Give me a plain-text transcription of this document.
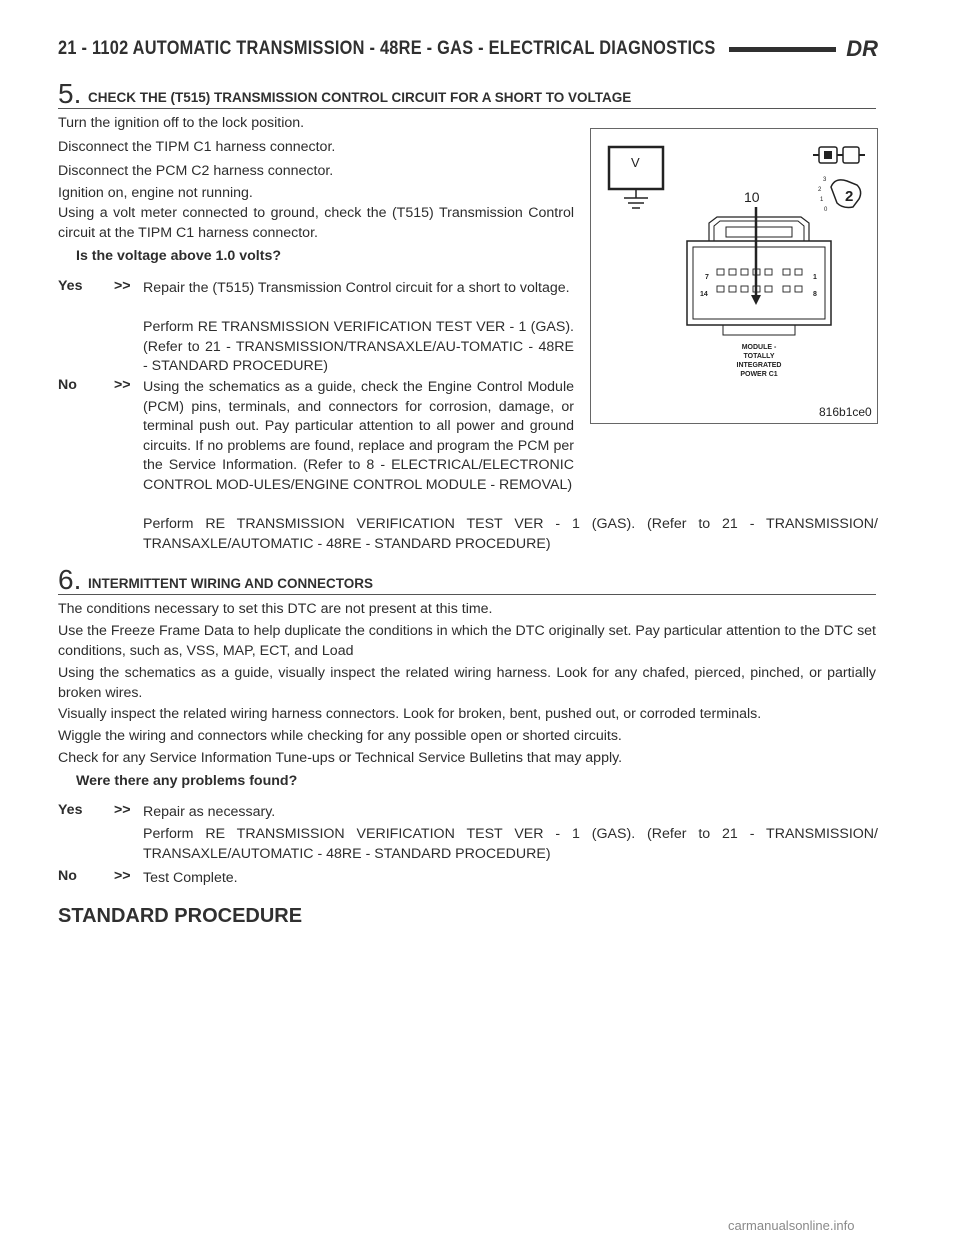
21 - 1102 AUTOMATIC TRANSMISSION - 48RE - GAS - ELECTRICAL DIAGNOSTICS	DR
5. CHECK THE (T515) TRANSMISSION CONTROL CIRCUIT FOR A SHORT TO VOLTAGE
Turn the ignition off to the lock position.
Disconnect the TIPM C1 harness connector.
Disconnect the PCM C2 harness connector.
Ignition on, engine not running.
Using a volt meter connected to ground, check the (T515) Transmission Control circuit at the TIPM C1 harness connector.
Is the voltage above 1.0 volts?
Yes >> Repair the (T515) Transmission Control circuit for a short to voltage.
Perform RE TRANSMISSION VERIFICATION TEST VER - 1 (GAS). (Refer to 21 - TRANSMISSION/TRANSAXLE/AU-TOMATIC - 48RE - STANDARD PROCEDURE)
No	>> Using the schematics as a guide, check the Engine Control Module (PCM) pins, terminals, and connectors for corrosion, damage, or terminal push out. Pay particular attention to all power and ground circuits. If no problems are found, replace and program the PCM per the Service Information. (Refer to 8 - ELECTRICAL/ELECTRONIC CONTROL MOD-ULES/ENGINE CONTROL MODULE - REMOVAL)
Perform RE TRANSMISSION VERIFICATION TEST VER - 1 (GAS). (Refer to 21 - TRANSMISSION/ TRANSAXLE/AUTOMATIC - 48RE - STANDARD PROCEDURE)
V
10
7
14
1
8
MODULE -
TOTALLY
INTEGRATED
POWER C1
3
2
1
0
2
816b1ce0
6. INTERMITTENT WIRING AND CONNECTORS
The conditions necessary to set this DTC are not present at this time.
Use the Freeze Frame Data to help duplicate the conditions in which the DTC originally set. Pay particular attention to the DTC set conditions, such as, VSS, MAP, ECT, and Load
Using the schematics as a guide, visually inspect the related wiring harness. Look for any chafed, pierced, pinched, or partially broken wires.
Visually inspect the related wiring harness connectors. Look for broken, bent, pushed out, or corroded terminals.
Wiggle the wiring and connectors while checking for any possible open or shorted circuits.
Check for any Service Information Tune-ups or Technical Service Bulletins that may apply.
Were there any problems found?
Yes >> Repair as necessary.
Perform RE TRANSMISSION VERIFICATION TEST VER - 1 (GAS). (Refer to 21 - TRANSMISSION/ TRANSAXLE/AUTOMATIC - 48RE - STANDARD PROCEDURE)
No	>> Test Complete.
STANDARD PROCEDURE
carmanualsonline.info
